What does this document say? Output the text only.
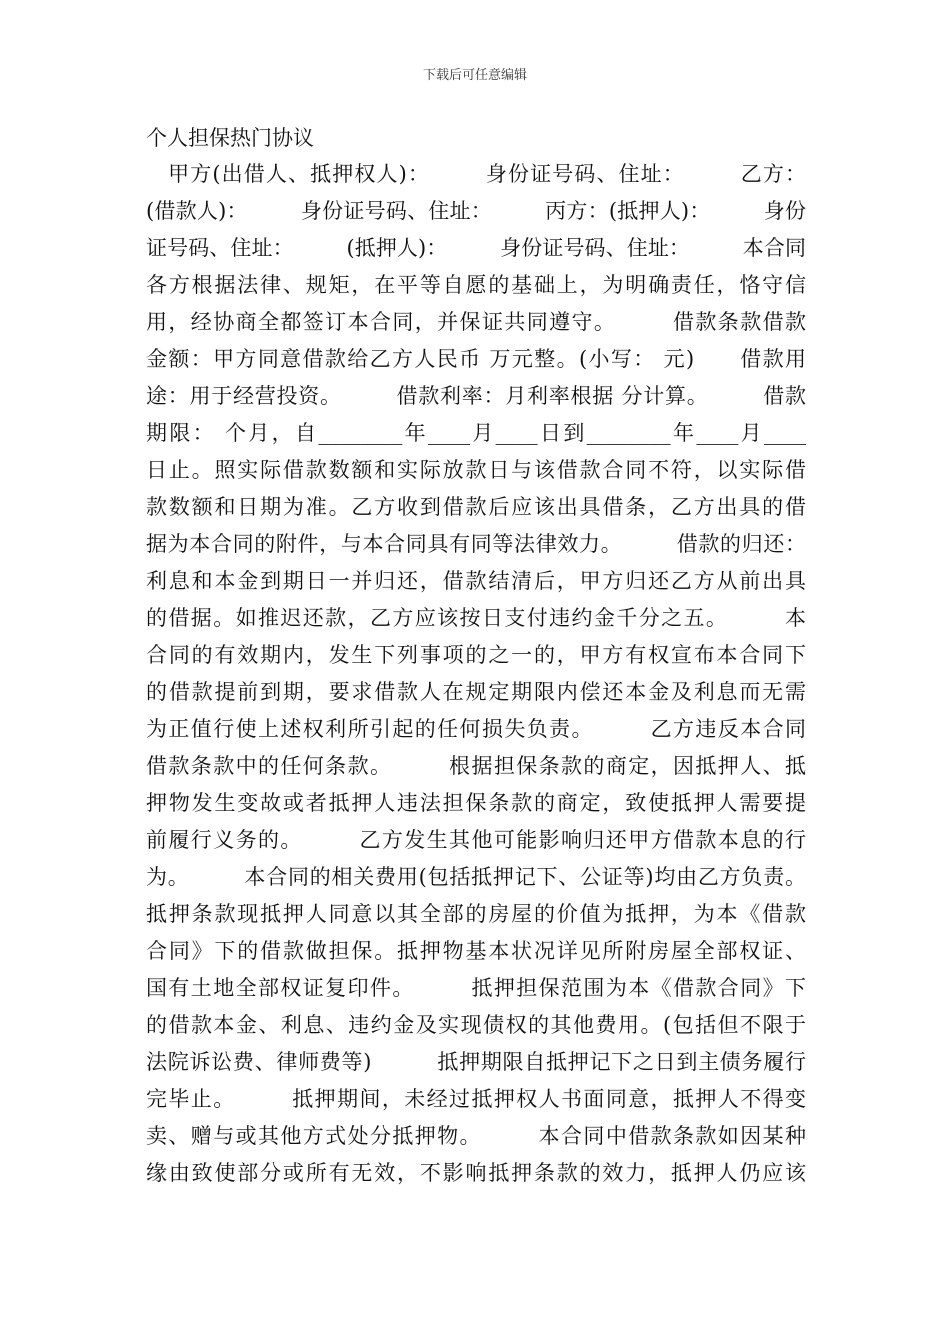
下载后可任意编辑
个人担保热门协议
　甲方(出借人、抵押权人)：　　　身份证号码、住址：　　　乙方：
(借款人)：　　　身份证号码、住址：　　　丙方：(抵押人)：　　　身份
证号码、住址：　　　(抵押人)：　　　身份证号码、住址：　　　本合同
各方根据法律、规矩，在平等自愿的基础上，为明确责任，恪守信
用，经协商全都签订本合同，并保证共同遵守。　　　借款条款借款
金额：甲方同意借款给乙方人民币 万元整。(小写： 元)　　借款用
途：用于经营投资。　　　借款利率：月利率根据 分计算。　　　借款
期限： 个月，自________年____月____日到________年____月____
日止。照实际借款数额和实际放款日与该借款合同不符，以实际借
款数额和日期为准。乙方收到借款后应该出具借条，乙方出具的借
据为本合同的附件，与本合同具有同等法律效力。　　　借款的归还：
利息和本金到期日一并归还，借款结清后，甲方归还乙方从前出具
的借据。如推迟还款，乙方应该按日支付违约金千分之五。　　　本
合同的有效期内，发生下列事项的之一的，甲方有权宣布本合同下
的借款提前到期，要求借款人在规定期限内偿还本金及利息而无需
为正值行使上述权利所引起的任何损失负责。　　　乙方违反本合同
借款条款中的任何条款。　　　根据担保条款的商定，因抵押人、抵
押物发生变故或者抵押人违法担保条款的商定，致使抵押人需要提
前履行义务的。　　　乙方发生其他可能影响归还甲方借款本息的行
为。　　　本合同的相关费用(包括抵押记下、公证等)均由乙方负责。
抵押条款现抵押人同意以其全部的房屋的价值为抵押，为本《借款
合同》下的借款做担保。抵押物基本状况详见所附房屋全部权证、
国有土地全部权证复印件。　　　抵押担保范围为本《借款合同》下
的借款本金、利息、违约金及实现债权的其他费用。(包括但不限于
法院诉讼费、律师费等)　　　抵押期限自抵押记下之日到主债务履行
完毕止。　　　抵押期间，未经过抵押权人书面同意，抵押人不得变
卖、赠与或其他方式处分抵押物。　　　本合同中借款条款如因某种
缘由致使部分或所有无效，不影响抵押条款的效力，抵押人仍应该
